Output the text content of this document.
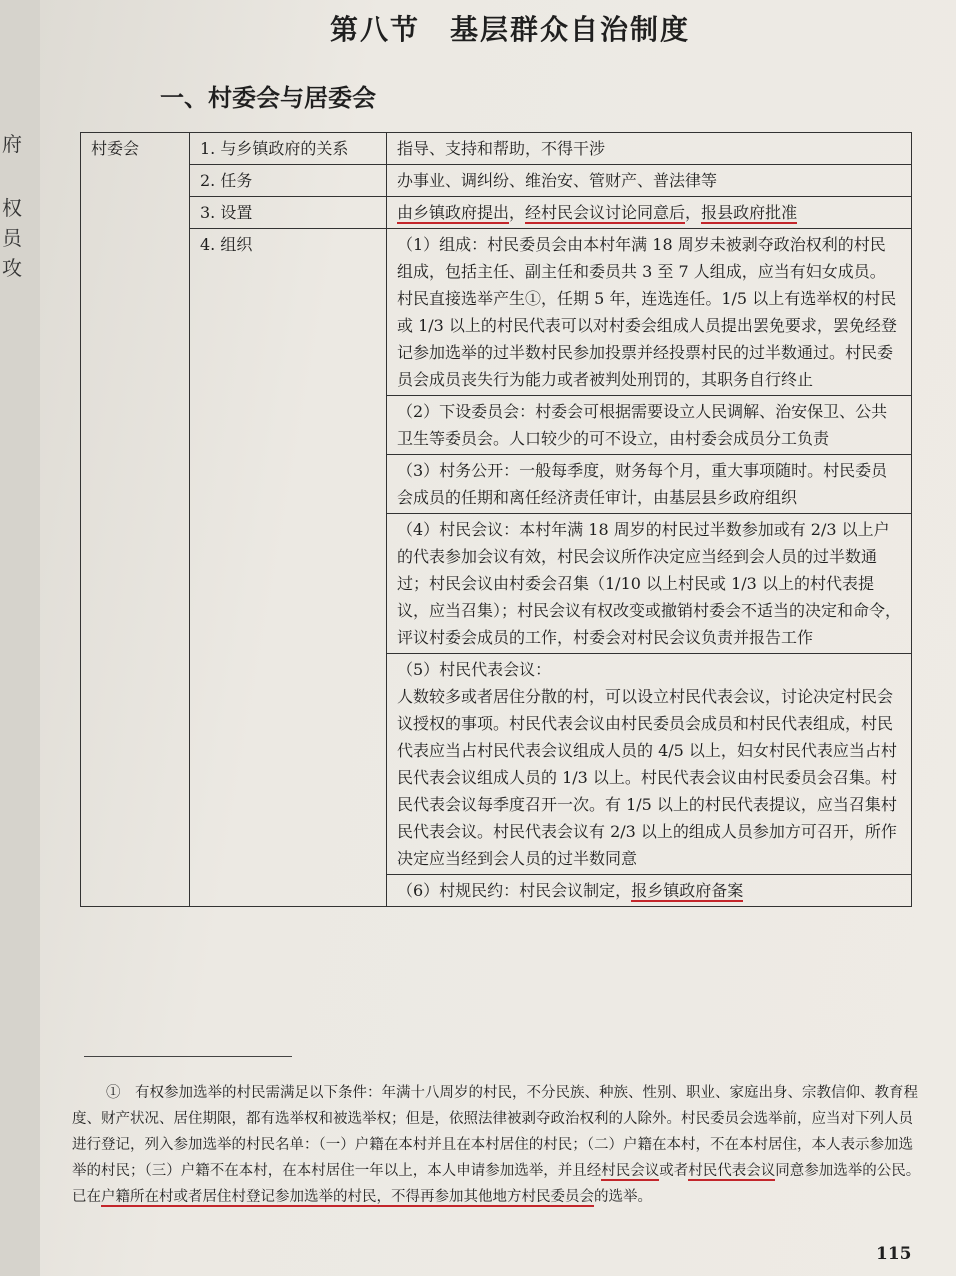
府
权
员
攻
第八节　基层群众自治制度
一、村委会与居委会
村委会	1. 与乡镇政府的关系	指导、支持和帮助，不得干涉
	2. 任务	办事业、调纠纷、维治安、管财产、普法律等
	3. 设置	由乡镇政府提出，经村民会议讨论同意后，报县政府批准
	4. 组织	（1）组成：村民委员会由本村年满 18 周岁未被剥夺政治权利的村民组成，包括主任、副主任和委员共 3 至 7 人组成，应当有妇女成员。村民直接选举产生①，任期 5 年，连选连任。1/5 以上有选举权的村民或 1/3 以上的村民代表可以对村委会组成人员提出罢免要求，罢免经登记参加选举的过半数村民参加投票并经投票村民的过半数通过。村民委员会成员丧失行为能力或者被判处刑罚的，其职务自行终止
		（2）下设委员会：村委会可根据需要设立人民调解、治安保卫、公共卫生等委员会。人口较少的可不设立，由村委会成员分工负责
		（3）村务公开：一般每季度，财务每个月，重大事项随时。村民委员会成员的任期和离任经济责任审计，由基层县乡政府组织
		（4）村民会议：本村年满 18 周岁的村民过半数参加或有 2/3 以上户的代表参加会议有效，村民会议所作决定应当经到会人员的过半数通过；村民会议由村委会召集（1/10 以上村民或 1/3 以上的村代表提议，应当召集）；村民会议有权改变或撤销村委会不适当的决定和命令，评议村委会成员的工作，村委会对村民会议负责并报告工作

		（5）村民代表会议：
人数较多或者居住分散的村，可以设立村民代表会议，讨论决定村民会议授权的事项。村民代表会议由村民委员会成员和村民代表组成，村民代表应当占村民代表会议组成人员的 4/5 以上，妇女村民代表应当占村民代表会议组成人员的 1/3 以上。村民代表会议由村民委员会召集。村民代表会议每季度召开一次。有 1/5 以上的村民代表提议，应当召集村民代表会议。村民代表会议有 2/3 以上的组成人员参加方可召开，所作决定应当经到会人员的过半数同意

		（6）村规民约：村民会议制定，报乡镇政府备案
①　有权参加选举的村民需满足以下条件：年满十八周岁的村民，不分民族、种族、性别、职业、家庭出身、宗教信仰、教育程度、财产状况、居住期限，都有选举权和被选举权；但是，依照法律被剥夺政治权利的人除外。村民委员会选举前，应当对下列人员进行登记，列入参加选举的村民名单：（一）户籍在本村并且在本村居住的村民；（二）户籍在本村，不在本村居住，本人表示参加选举的村民；（三）户籍不在本村，在本村居住一年以上，本人申请参加选举，并且经村民会议或者村民代表会议同意参加选举的公民。已在户籍所在村或者居住村登记参加选举的村民，不得再参加其他地方村民委员会的选举。
115
